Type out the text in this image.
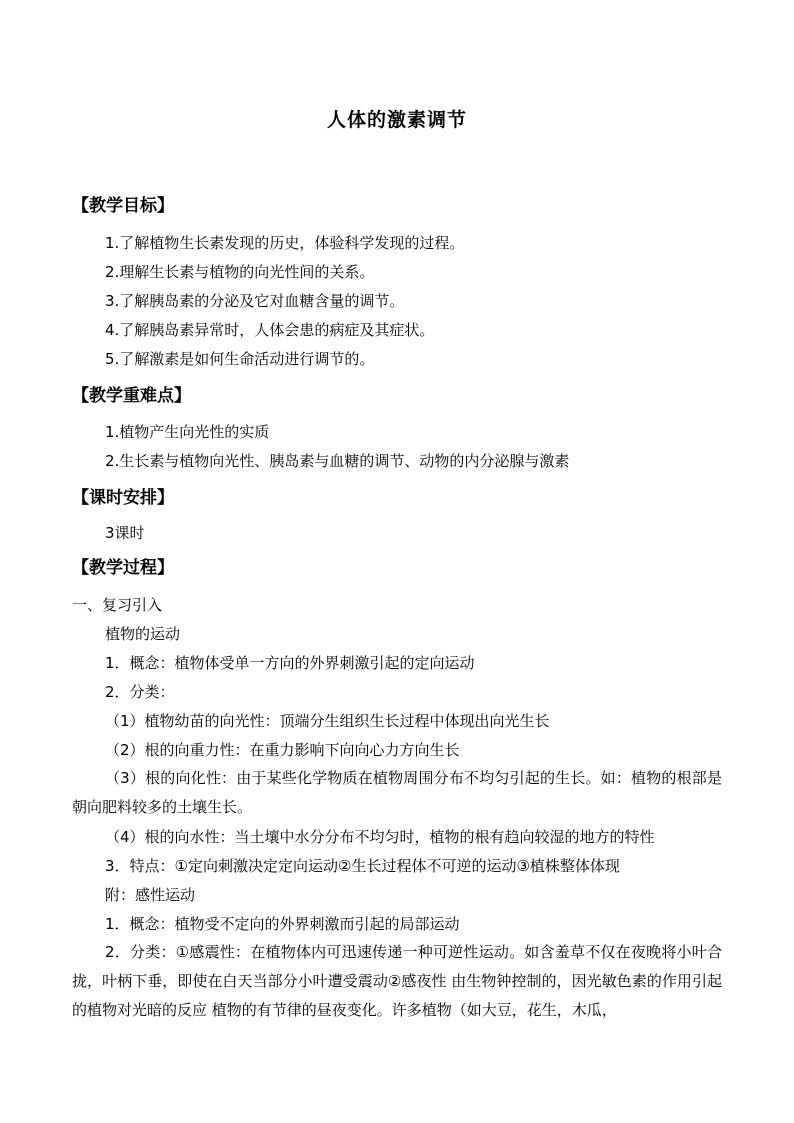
人体的激素调节
【教学目标】
1.了解植物生长素发现的历史，体验科学发现的过程。
2.理解生长素与植物的向光性间的关系。
3.了解胰岛素的分泌及它对血糖含量的调节。
4.了解胰岛素异常时，人体会患的病症及其症状。
5.了解激素是如何生命活动进行调节的。
【教学重难点】
1.植物产生向光性的实质
2.生长素与植物向光性、胰岛素与血糖的调节、动物的内分泌腺与激素
【课时安排】
3课时
【教学过程】
一、复习引入
植物的运动
1．概念：植物体受单一方向的外界刺激引起的定向运动
2．分类：
（1）植物幼苗的向光性：顶端分生组织生长过程中体现出向光生长
（2）根的向重力性：在重力影响下向向心力方向生长
（3）根的向化性：由于某些化学物质在植物周围分布不均匀引起的生长。如：植物的根部是朝向肥料较多的土壤生长。
（4）根的向水性：当土壤中水分分布不均匀时，植物的根有趋向较湿的地方的特性
3．特点：①定向刺激决定定向运动②生长过程体不可逆的运动③植株整体体现
附：感性运动
1．概念：植物受不定向的外界刺激而引起的局部运动
2．分类：①感震性：在植物体内可迅速传递一种可逆性运动。如含羞草不仅在夜晚将小叶合拢，叶柄下垂，即使在白天当部分小叶遭受震动②感夜性 由生物钟控制的，因光敏色素的作用引起的植物对光暗的反应 植物的有节律的昼夜变化。许多植物（如大豆，花生，木瓜，
